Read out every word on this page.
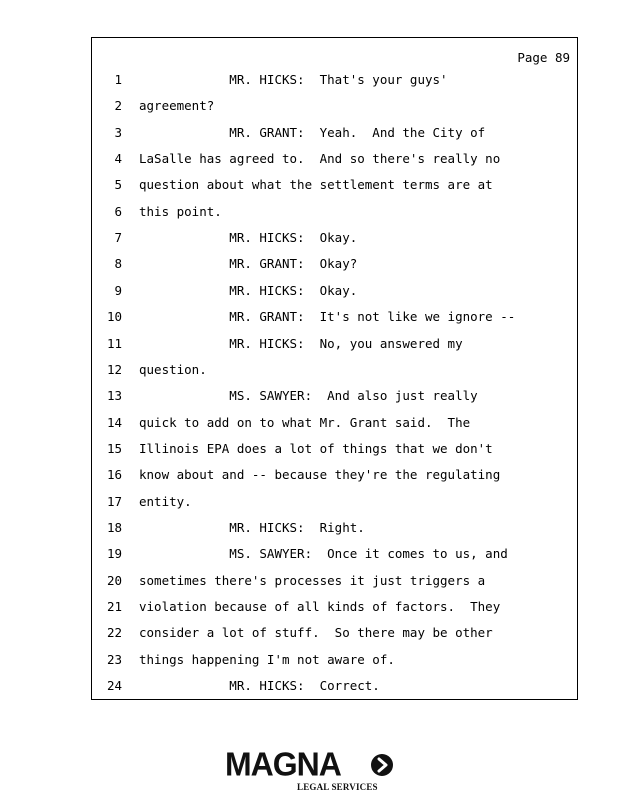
Page 89
1 MR. HICKS:  That's your guys'
2 agreement?
3 MR. GRANT:  Yeah.  And the City of
4 LaSalle has agreed to.  And so there's really no
5 question about what the settlement terms are at
6 this point.
7 MR. HICKS:  Okay.
8 MR. GRANT:  Okay?
9 MR. HICKS:  Okay.
10 MR. GRANT:  It's not like we ignore --
11 MR. HICKS:  No, you answered my
12 question.
13 MS. SAWYER:  And also just really
14 quick to add on to what Mr. Grant said.  The
15 Illinois EPA does a lot of things that we don't
16 know about and -- because they're the regulating
17 entity.
18 MR. HICKS:  Right.
19 MS. SAWYER:  Once it comes to us, and
20 sometimes there's processes it just triggers a
21 violation because of all kinds of factors.  They
22 consider a lot of stuff.  So there may be other
23 things happening I'm not aware of.
24 MR. HICKS:  Correct.
MAGNA
LEGAL SERVICES
